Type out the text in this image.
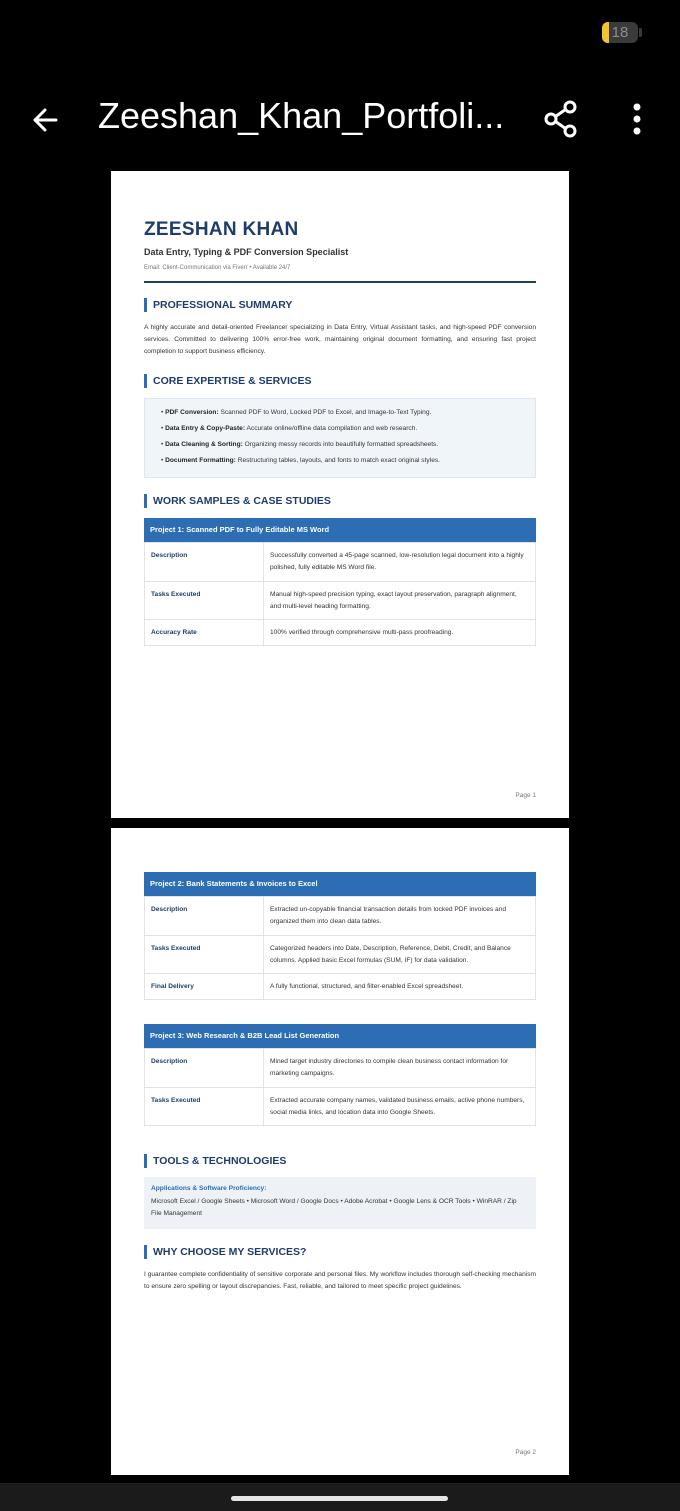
18
Zeeshan_Khan_Portfoli...
ZEESHAN KHAN
Data Entry, Typing & PDF Conversion Specialist
Email: Client-Communication via Fiverr • Available 24/7
PROFESSIONAL SUMMARY
A highly accurate and detail-oriented Freelancer specializing in Data Entry, Virtual Assistant tasks, and high-speed PDF conversion services. Committed to delivering 100% error-free work, maintaining original document formatting, and ensuring fast project completion to support business efficiency.
CORE EXPERTISE & SERVICES
• PDF Conversion: Scanned PDF to Word, Locked PDF to Excel, and Image-to-Text Typing.
• Data Entry & Copy-Paste: Accurate online/offline data compilation and web research.
• Data Cleaning & Sorting: Organizing messy records into beautifully formatted spreadsheets.
• Document Formatting: Restructuring tables, layouts, and fonts to match exact original styles.
WORK SAMPLES & CASE STUDIES
Project 1: Scanned PDF to Fully Editable MS Word
Description	Successfully converted a 45-page scanned, low-resolution legal document into a highly polished, fully editable MS Word file.
Tasks Executed	Manual high-speed precision typing, exact layout preservation, paragraph alignment, and multi-level heading formatting.
Accuracy Rate	100% verified through comprehensive multi-pass proofreading.
Page 1
Project 2: Bank Statements & Invoices to Excel
Description	Extracted un-copyable financial transaction details from locked PDF invoices and organized them into clean data tables.
Tasks Executed	Categorized headers into Date, Description, Reference, Debit, Credit, and Balance columns. Applied basic Excel formulas (SUM, IF) for data validation.
Final Delivery	A fully functional, structured, and filter-enabled Excel spreadsheet.
Project 3: Web Research & B2B Lead List Generation
Description	Mined target industry directories to compile clean business contact information for marketing campaigns.
Tasks Executed	Extracted accurate company names, validated business emails, active phone numbers, social media links, and location data into Google Sheets.
TOOLS & TECHNOLOGIES
Applications & Software Proficiency:
Microsoft Excel / Google Sheets • Microsoft Word / Google Docs • Adobe Acrobat • Google Lens & OCR Tools • WinRAR / Zip File Management
WHY CHOOSE MY SERVICES?
I guarantee complete confidentiality of sensitive corporate and personal files. My workflow includes thorough self-checking mechanism to ensure zero spelling or layout discrepancies. Fast, reliable, and tailored to meet specific project guidelines.
Page 2
